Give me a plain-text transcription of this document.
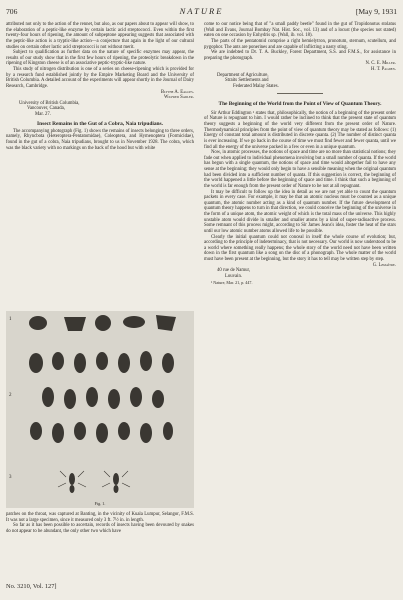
706	NATURE	[May 9, 1931

attributed not only to the action of the rennet, but also, as our papers about to appear will show, to the elaboration of a peptic-like enzyme by certain lactic acid streptococci. Even within the first twenty-four hours of ripening, the amount of subpeptone appearing suggests that associated with the peptic-like action is a tryptic-like action—a conjecture that again in the light of our cultural studies on certain other lactic acid streptococci is not without merit.

Subject to qualification as further data on the nature of specific enzymes may appear, the results of our study show that in the first few hours of ripening, the proteolytic breakdown in the ripening of Kingston cheese is of an associative peptic-tryptic-like nature.

This study of nitrogen distribution is one of a series on cheese-ripening which is provided for by a research fund established jointly by the Empire Marketing Board and the University of British Columbia. A detailed account of the experiments will appear shortly in the Journal of Dairy Research, Cambridge.

Blythe A. Eagles.

Wilfred Sadler.

University of British Columbia,

Vancouver, Canada,

Mar. 27.

Insect Remains in the Gut of a Cobra, Naia tripudians.

The accompanying photograph (Fig. 1) shows the remains of insects belonging to three orders, namely, Rhyncbota (Heteroptera-Pentatomidae), Coleoptera, and Hymenoptera (Formicidae), found in the gut of a cobra, Naia tripudians, brought to us in November 1928. The cobra, which was the black variety with no markings on the back of the hood but with white

1
2
3
Fig. 1.

patches on the throat, was captured at Banting, in the vicinity of Kuala Lumpur, Selangor, F.M.S. It was not a large specimen, since it measured only 3 ft. 7½ in. in length.

So far as it has been possible to ascertain, records of insects having been devoured by snakes do not appear to be abundant, the only other two which have

No. 3210, Vol. 127]

come to our notice being that of "a small paddy beetle" found in the gut of Tropidonotus stolatus (Wall and Evans, Journal Bombay Nat. Hist. Soc., vol. 13) and of a locust (the species not stated) eaten on one occasion by Enhydris sp. (Wall, ib. vol. 18).

The parts of the pentatomid comprise a right hemielytron, pronotum, sternum, scutellum, and pygophor. The ants are ponerines and are capable of inflicting a nasty sting.

We are indebted to Dr. T. A. Buckley, Forest Department, S.S. and F.M.S., for assistance in preparing the photograph.

N. C. E. Miller.

H. T. Pagden.

Department of Agriculture,

Straits Settlements and

Federated Malay States.

The Beginning of the World from the Point of View of Quantum Theory.

Sir Arthur Eddington ¹ states that, philosophically, the notion of a beginning of the present order of Nature is repugnant to him. I would rather be inclined to think that the present state of quantum theory suggests a beginning of the world very different from the present order of Nature. Thermodynamical principles from the point of view of quantum theory may be stated as follows: (1) Energy of constant total amount is distributed in discrete quanta. (2) The number of distinct quanta is ever increasing. If we go back in the course of time we must find fewer and fewer quanta, until we find all the energy of the universe packed in a few or even in a unique quantum.

Now, in atomic processes, the notions of space and time are no more than statistical notions; they fade out when applied to individual phenomena involving but a small number of quanta. If the world has begun with a single quantum, the notions of space and time would altogether fail to have any sense at the beginning; they would only begin to have a sensible meaning when the original quantum had been divided into a sufficient number of quanta. If this suggestion is correct, the beginning of the world happened a little before the beginning of space and time. I think that such a beginning of the world is far enough from the present order of Nature to be not at all repugnant.

It may be difficult to follow up the idea in detail as we are not yet able to count the quantum packets in every case. For example, it may be that an atomic nucleus must be counted as a unique quantum, the atomic number acting as a kind of quantum number. If the future development of quantum theory happens to turn in that direction, we could conceive the beginning of the universe in the form of a unique atom, the atomic weight of which is the total mass of the universe. This highly unstable atom would divide in smaller and smaller atoms by a kind of super-radioactive process. Some remnant of this process might, according to Sir James Jeans's idea, foster the heat of the stars until our low atomic number atoms allowed life to be possible.

Clearly the initial quantum could not conceal in itself the whole course of evolution; but, according to the principle of indeterminacy, that is not necessary. Our world is now understood to be a world where something really happens; the whole story of the world need not have been written down in the first quantum like a song on the disc of a phonograph. The whole matter of the world must have been present at the beginning, but the story it has to tell may be written step by step.

G. Lemaître.

40 rue de Namur,

Louvain.

¹ Nature, Mar. 21, p. 447.
